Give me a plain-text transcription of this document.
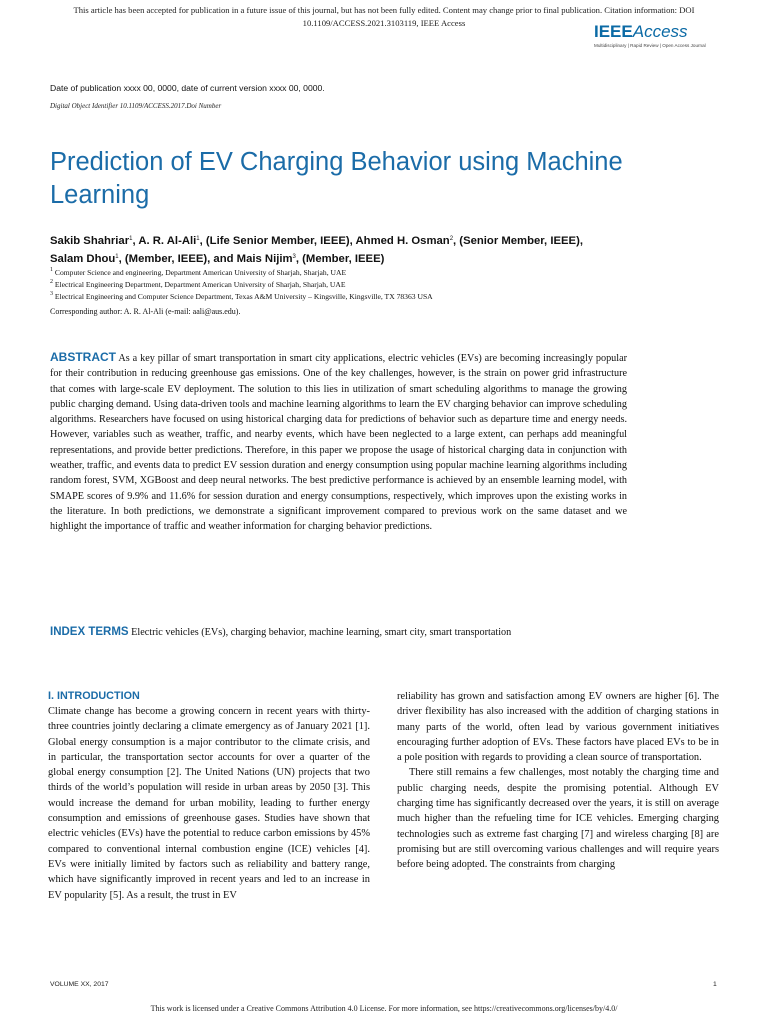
This article has been accepted for publication in a future issue of this journal, but has not been fully edited. Content may change prior to final publication. Citation information: DOI
10.1109/ACCESS.2021.3103119, IEEE Access	IEEEAccess
Multidisciplinary | Rapid Review | Open Access Journal
Date of publication xxxx 00, 0000, date of current version xxxx 00, 0000.
Digital Object Identifier 10.1109/ACCESS.2017.Doi Number
Prediction of EV Charging Behavior using Machine Learning
Sakib Shahriar$^1$, A. R. Al-Ali$^1$, (Life Senior Member, IEEE), Ahmed H. Osman$^2$, (Senior Member, IEEE), Salam Dhou$^1$, (Member, IEEE), and Mais Nijim$^3$, (Member, IEEE)
$^1$ Computer Science and engineering, Department American University of Sharjah, Sharjah, UAE
$^2$ Electrical Engineering Department, Department American University of Sharjah, Sharjah, UAE
$^3$ Electrical Engineering and Computer Science Department, Texas A&M University – Kingsville, Kingsville, TX 78363 USA
Corresponding author: A. R. Al-Ali (e-mail: aali@aus.edu).

ABSTRACT As a key pillar of smart transportation in smart city applications, electric vehicles (EVs) are becoming increasingly popular for their contribution in reducing greenhouse gas emissions. One of the key challenges, however, is the strain on power grid infrastructure that comes with large-scale EV deployment. The solution to this lies in utilization of smart scheduling algorithms to manage the growing public charging demand. Using data-driven tools and machine learning algorithms to learn the EV charging behavior can improve scheduling algorithms. Researchers have focused on using historical charging data for predictions of behavior such as departure time and energy needs. However, variables such as weather, traffic, and nearby events, which have been neglected to a large extent, can perhaps add meaningful representations, and provide better predictions. Therefore, in this paper we propose the usage of historical charging data in conjunction with weather, traffic, and events data to predict EV session duration and energy consumption using popular machine learning algorithms including random forest, SVM, XGBoost and deep neural networks. The best predictive performance is achieved by an ensemble learning model, with SMAPE scores of 9.9% and 11.6% for session duration and energy consumptions, respectively, which improves upon the existing works in the literature. In both predictions, we demonstrate a significant improvement compared to previous work on the same dataset and we highlight the importance of traffic and weather information for charging behavior predictions.

INDEX TERMS Electric vehicles (EVs), charging behavior, machine learning, smart city, smart transportation

I. INTRODUCTION

Climate change has become a growing concern in recent years with thirty-three countries jointly declaring a climate emergency as of January 2021 [1]. Global energy consumption is a major contributor to the climate crisis, and in particular, the transportation sector accounts for over a quarter of the global energy consumption [2]. The United Nations (UN) projects that two thirds of the world’s population will reside in urban areas by 2050 [3]. This would increase the demand for urban mobility, leading to further energy consumption and emissions of greenhouse gases. Studies have shown that electric vehicles (EVs) have the potential to reduce carbon emissions by 45% compared to conventional internal combustion engine (ICE) vehicles [4]. EVs were initially limited by factors such as reliability and battery range, which have significantly improved in recent years and led to an increase in EV popularity [5]. As a result, the trust in EV

reliability has grown and satisfaction among EV owners are higher [6]. The driver flexibility has also increased with the addition of charging stations in many parts of the world, often lead by various government initiatives encouraging further adoption of EVs. These factors have placed EVs to be in a pole position with regards to providing a clean source of transportation.

There still remains a few challenges, most notably the charging time and public charging needs, despite the promising potential. Although EV charging time has significantly decreased over the years, it is still on average much higher than the refueling time for ICE vehicles. Emerging charging technologies such as extreme fast charging [7] and wireless charging [8] are promising but are still overcoming various challenges and will require years before being adopted. The constraints from charging

VOLUME XX, 2017	1
This work is licensed under a Creative Commons Attribution 4.0 License. For more information, see https://creativecommons.org/licenses/by/4.0/
